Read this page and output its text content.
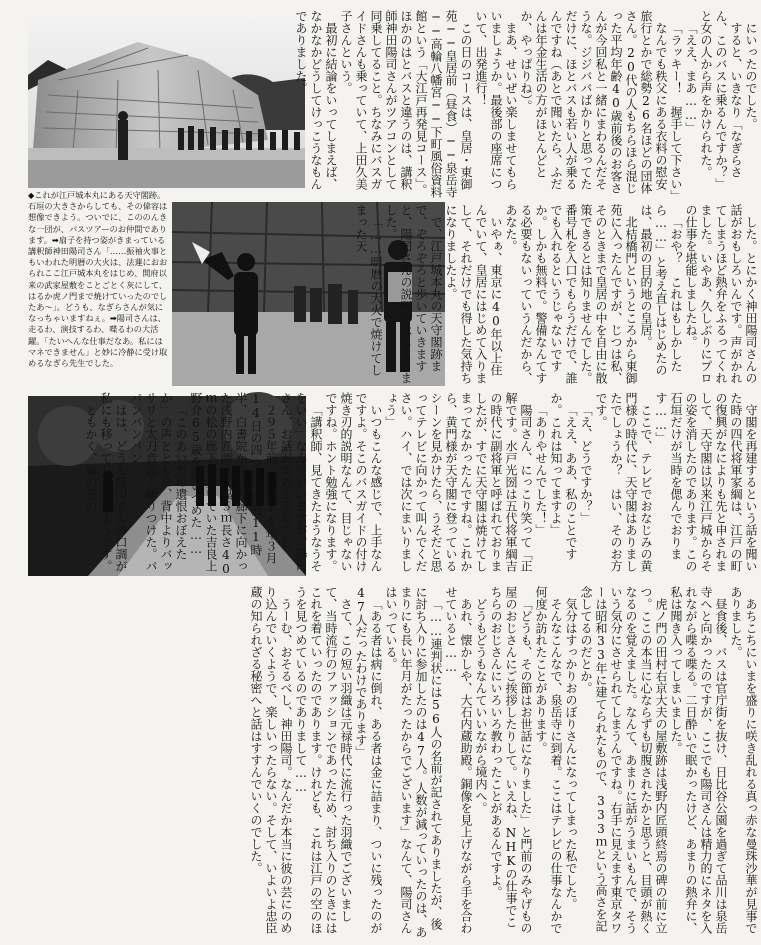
◆これが江戸城本丸にある天守閣跡。石垣の大きさからしても、その偉容は想像できよう。ついでに、こののんきな一団が、バスツアーのお仲間であります。➡扇子を持つ姿がきまっている講釈師神田陽司さん「……振袖火事ともいわれた明暦の大火は、法蓮におおられここ江戸城本丸をはじめ、開府以来の武家屋敷をことごとく灰にして、はるか虎ノ門まで焼けていったのでしたあ～」。どうも、なぎらさんが気になっちゃいますねぇ。➡陽司さんは、走るわ、演技するわ、喋るわの大活躍。「たいへんな仕事だなあ。私にはマネできません」と妙に冷静に受け取めるなぎら先生でした。

にいったのでした。

すると、いきなり「なぎらさん、このバスに乗るんですか？」と女の人から声をかけられた。

「ええ、まあ……」

「ラッキー！　握手して下さい」

なんでも秩父にある衣料の慰安旅行とかで総勢26名ほどの団体さん。20代の人もちらほら混じった平均年齢40歳前後のお客さんが今回私と一緒にまわるんだそうな。ジジババばかりと思ってただけに、ほとバスも若い人が乗るんですね（あとで聞いたら、ふだんは年金生活の方がほとんどとか、やっぱりね）。

まあ、せいぜい楽しませてもらいましょうか。最後部の座席について、出発進行！

この日のコースは、皇居・東御苑──皇居前（昼食）──泉岳寺──高輪八幡宮──下町風俗資料館という「大江戸再発見コース」。ほかのはとバスと違うのは、講釈師神田陽司さんがツアコンとして同乗してること。ちなみにバスガイドさんも乗っていて、上田久美子さんという。

最初に結論をいってしまえば、なかなかどうしてけっこうなもんでありました。

した。とにかく神田陽司さんの話がおもしろいんです。声がかれてしまうほど熱弁をふるってくれました。いやあ、久しぶりにプロの仕事を堪能しましたね。

「おや？　これはもしかしたら……」と考え直しはじめたのは、最初の目的地の皇居。

北桔橋門というところから東御苑に入ったんですが、じつは私、そのときまで皇居の中を自由に散策できるとは知りませんでした。番号札を入口でもらうだけで、誰でも入れるというじゃないですか。しかも無料で。警備なんてする必要もないっていうんだから、あなた。

いやぁ、東京に40年以上住んでいて、皇居にはじめて入りまして、それだけでも得した気持ちになりましたよ。

で、江戸城本丸の天守閣跡まで、ぞろぞろと歩いていきますと、陽司さんの説明がはじまりました。

「……明暦の大火で焼けてしまった天

守閣を再建するという話を聞いた時の四代将軍家綱は、江戸の町の復興がなによりも先と申されまして、天守閣は以来江戸城からその姿を消したのであります。この石垣だけが当時を偲んでおります……」

ここで、テレビでおなじみの黄門様の時代に、天守閣はありましたでしょうか？　はい、そのお方です。

「え、どうですか？」

「ええ、ああ、私のことですか。これは知ってますよ」

「ありやせんでした！」

陽司さん、にっこり笑って「正解です。水戸光圀は五代将軍綱吉の時代に副将軍と呼ばれておりましたが、すでに天守閣は焼けてしまってなかったんですね。これから、黄門様が天守閣に登っているシーンを見かけたら、うそだと思ってテレビに向かって叫んでください。ハイ、では次にまいりましょう」

いつもこんな感じで、上手なんですよ。そこのバスガイドの付け焼き刃的説明なんて、目じゃないですね。ホント勉強になります。

「講釈師、見てきたようなうそをいい」なんていいますが、陽司さん、お話がまあ上手なこと。

２９５年前、元禄14年３月14日の四つ半、午前11時半、白書院から松の廊下に向かった浅野内匠頭は、幅５ｍ長さ40ｍの松の廊下を歩いていた吉良上野介65歳を追いつめた……

「このあいだの遺恨おぼえたか」の声とともに、背中よりバッサリと太刀音高く斬りつけた。パパンパンパン……

はは、どうも陽司さんの口調が私にも移ってしまったようです。

ともかく、緑の芝の

あちこちにいまを盛りに咲き乱れる真っ赤な曼珠沙華が見事でありました。

昼食後、バスは官庁街を抜け、日比谷公園を過ぎて品川は泉岳寺へと向かったのですが、ここでも陽司さんは精力的にネタを入れながら喋る喋る。二日酔いで眠かったけど、あまりの熱弁に、私は聞き入ってしまいました。

虎ノ門の田村右京大夫の屋敷跡は浅野内匠頭終焉の碑の前に立つ。ここの本当に心ならずも切腹されたかと思うと、目頭が熱くなるのを覚えました。なんて、あまりに話がうまいもんで、そういう気分にさせられてしまうんですね。右手に見えます東京タワーは昭和33年に建てられたもので、333ｍという高さを記念してるのだとか。

気分はすっかりおのぼりさんになってしまった私でした。

そんなこんなで、泉岳寺に到着。ここはテレビの仕事なんかで何度か訪れたことがあります。

「どうも、その節はお世話になりました」と門前のみやげもの屋のおじさんにご挨拶したりして。いえね、NHKの仕事でこちらのおじさんにいろいろ教わったことがあるんですよ。

どうもどうもなんていいながら境内へ。

あれ、懐かしや、大石内蔵助殿。銅像を見上げながら手を合わせていると……

「……連判状には56人の名前が記されてありましたが、後に討ち入りに参加したのは47人。人数が減っていったのは、あまりにも長い年月がたったからでございます」なんて、陽司さんはいっている。

「ある者は病に倒れ、ある者は金に詰まり、ついに残ったのが47人だったわけであります」

さて、この短い羽織は元禄時代に流行った羽織でございまして、当時流行のファッションであったため、討ち入りのときにはこれを着ていったのであります。けれども、これは江戸の空のほうを見つめているのでありまして……

うーむ、おそるべし、神田陽司。なんだか本当に彼の芸にのめり込んでいくようで、楽しいったらない。そして、いよいよ忠臣蔵の知られざる秘密へと話はすすんでいくのでした。
